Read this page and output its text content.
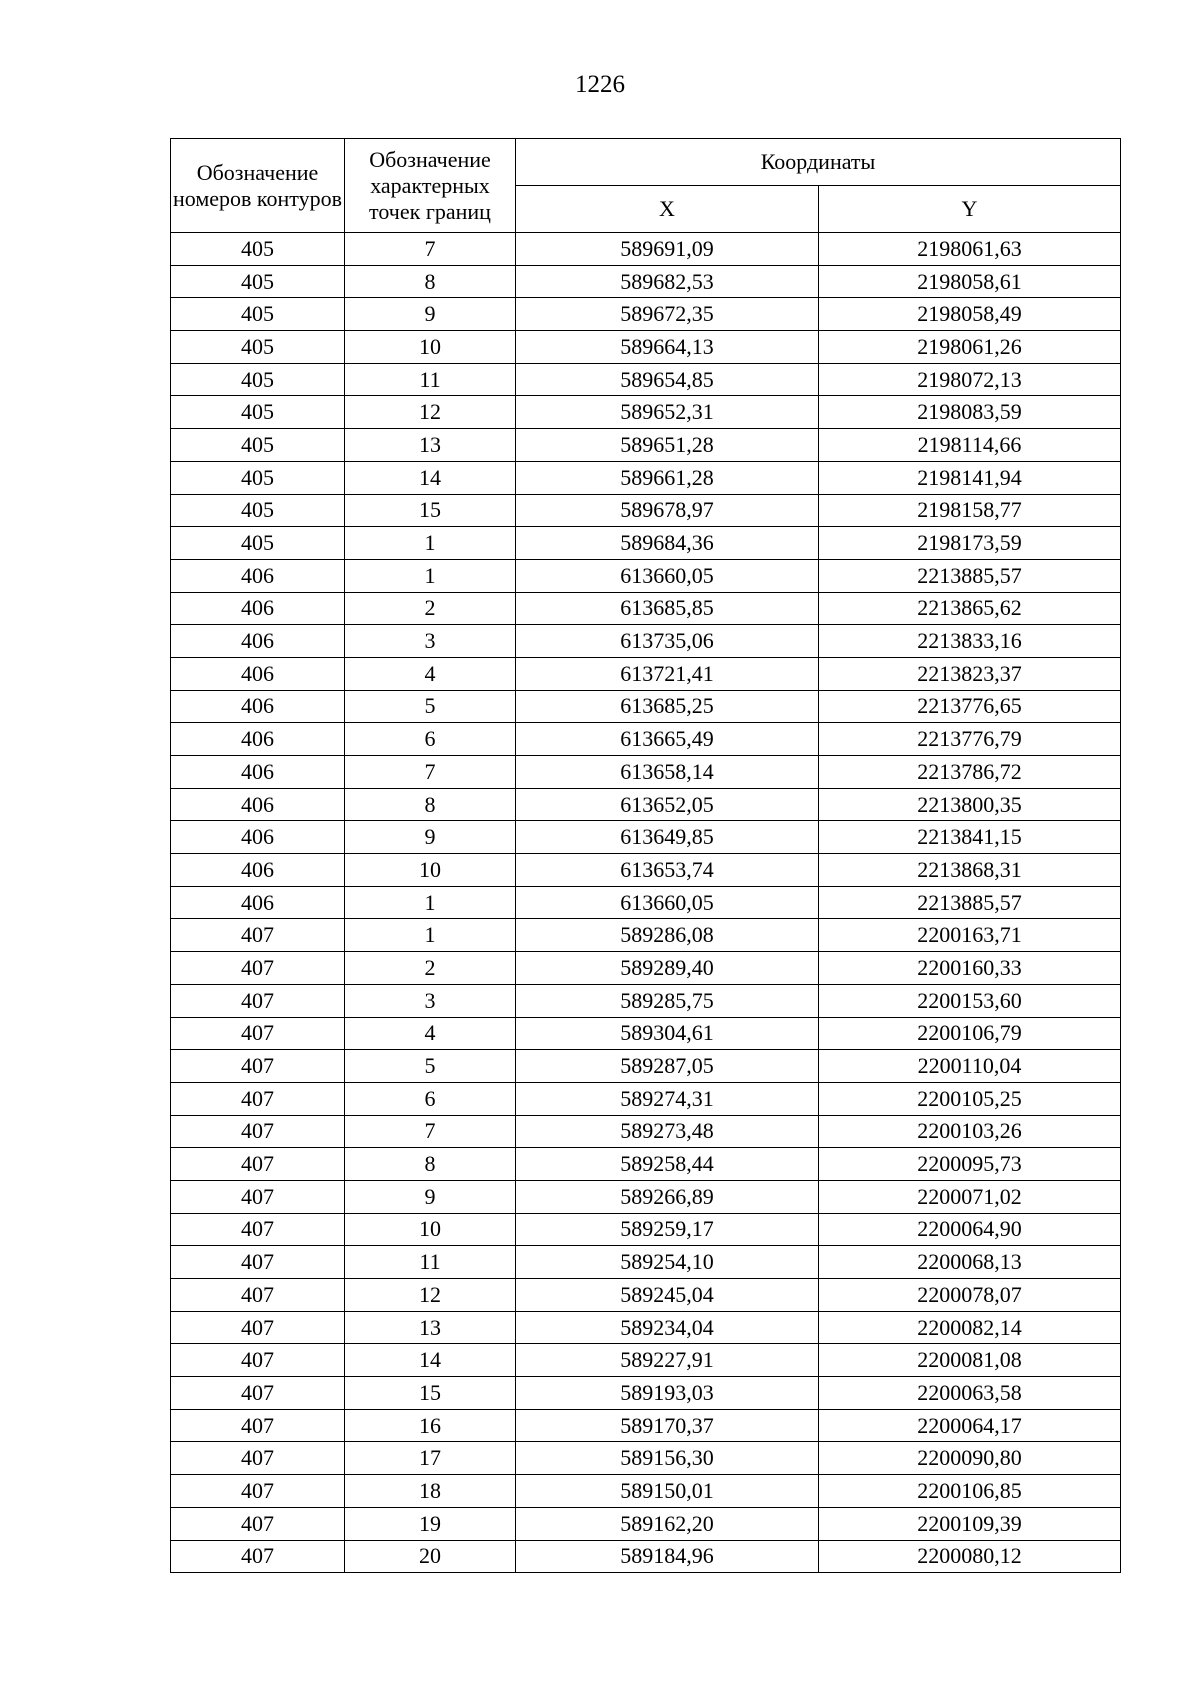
1226
Обозначение номеров контуров	Обозначение характерных точек границ	Координаты	
		X	Y
405	7	589691,09	2198061,63
405	8	589682,53	2198058,61
405	9	589672,35	2198058,49
405	10	589664,13	2198061,26
405	11	589654,85	2198072,13
405	12	589652,31	2198083,59
405	13	589651,28	2198114,66
405	14	589661,28	2198141,94
405	15	589678,97	2198158,77
405	1	589684,36	2198173,59
406	1	613660,05	2213885,57
406	2	613685,85	2213865,62
406	3	613735,06	2213833,16
406	4	613721,41	2213823,37
406	5	613685,25	2213776,65
406	6	613665,49	2213776,79
406	7	613658,14	2213786,72
406	8	613652,05	2213800,35
406	9	613649,85	2213841,15
406	10	613653,74	2213868,31
406	1	613660,05	2213885,57
407	1	589286,08	2200163,71
407	2	589289,40	2200160,33
407	3	589285,75	2200153,60
407	4	589304,61	2200106,79
407	5	589287,05	2200110,04
407	6	589274,31	2200105,25
407	7	589273,48	2200103,26
407	8	589258,44	2200095,73
407	9	589266,89	2200071,02
407	10	589259,17	2200064,90
407	11	589254,10	2200068,13
407	12	589245,04	2200078,07
407	13	589234,04	2200082,14
407	14	589227,91	2200081,08
407	15	589193,03	2200063,58
407	16	589170,37	2200064,17
407	17	589156,30	2200090,80
407	18	589150,01	2200106,85
407	19	589162,20	2200109,39
407	20	589184,96	2200080,12
